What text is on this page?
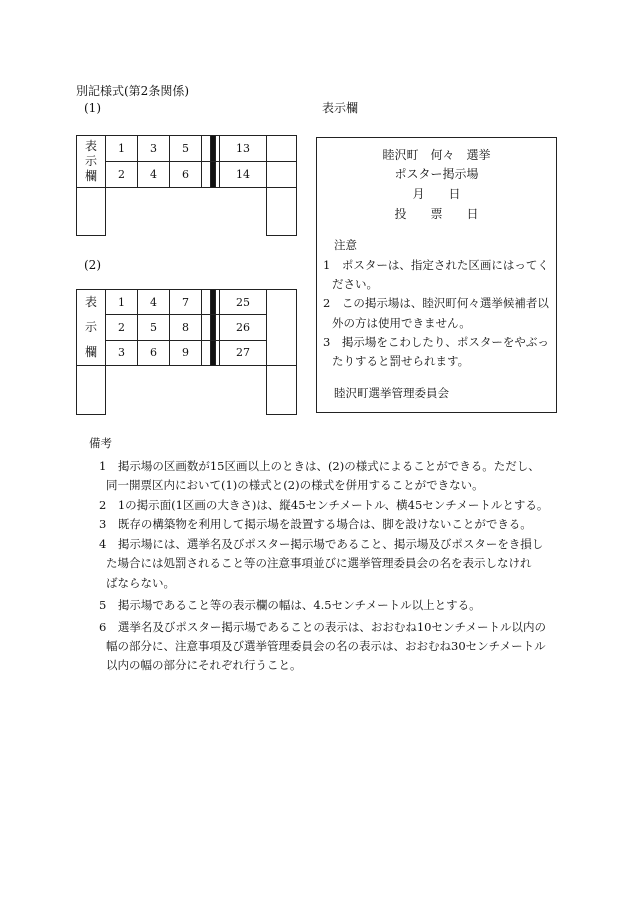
別記様式(第2条関係)
(1)	表示欄
表
示
欄	1	3	5				13	
	2	4	6				14	

(2)
表
示
欄	1	4	7				25	
	2	5	8				26	
	3	6	9				27	

睦沢町　何々　選挙
ポスター掲示場
月　　日
投　　票　　日
注意
1　ポスターは、指定された区画にはってく
ださい。
2　この掲示場は、睦沢町何々選挙候補者以
外の方は使用できません。
3　掲示場をこわしたり、ポスターをやぶっ
たりすると罰せられます。
睦沢町選挙管理委員会
備考
1　掲示場の区画数が15区画以上のときは、(2)の様式によることができる。ただし、
同一開票区内において(1)の様式と(2)の様式を併用することができない。
2　1の掲示面(1区画の大きさ)は、縦45センチメートル、横45センチメートルとする。
3　既存の構築物を利用して掲示場を設置する場合は、脚を設けないことができる。
4　掲示場には、選挙名及びポスター掲示場であること、掲示場及びポスターをき損し
た場合には処罰されること等の注意事項並びに選挙管理委員会の名を表示しなけれ
ばならない。
5　掲示場であること等の表示欄の幅は、4.5センチメートル以上とする。
6　選挙名及びポスター掲示場であることの表示は、おおむね10センチメートル以内の
幅の部分に、注意事項及び選挙管理委員会の名の表示は、おおむね30センチメートル
以内の幅の部分にそれぞれ行うこと。
